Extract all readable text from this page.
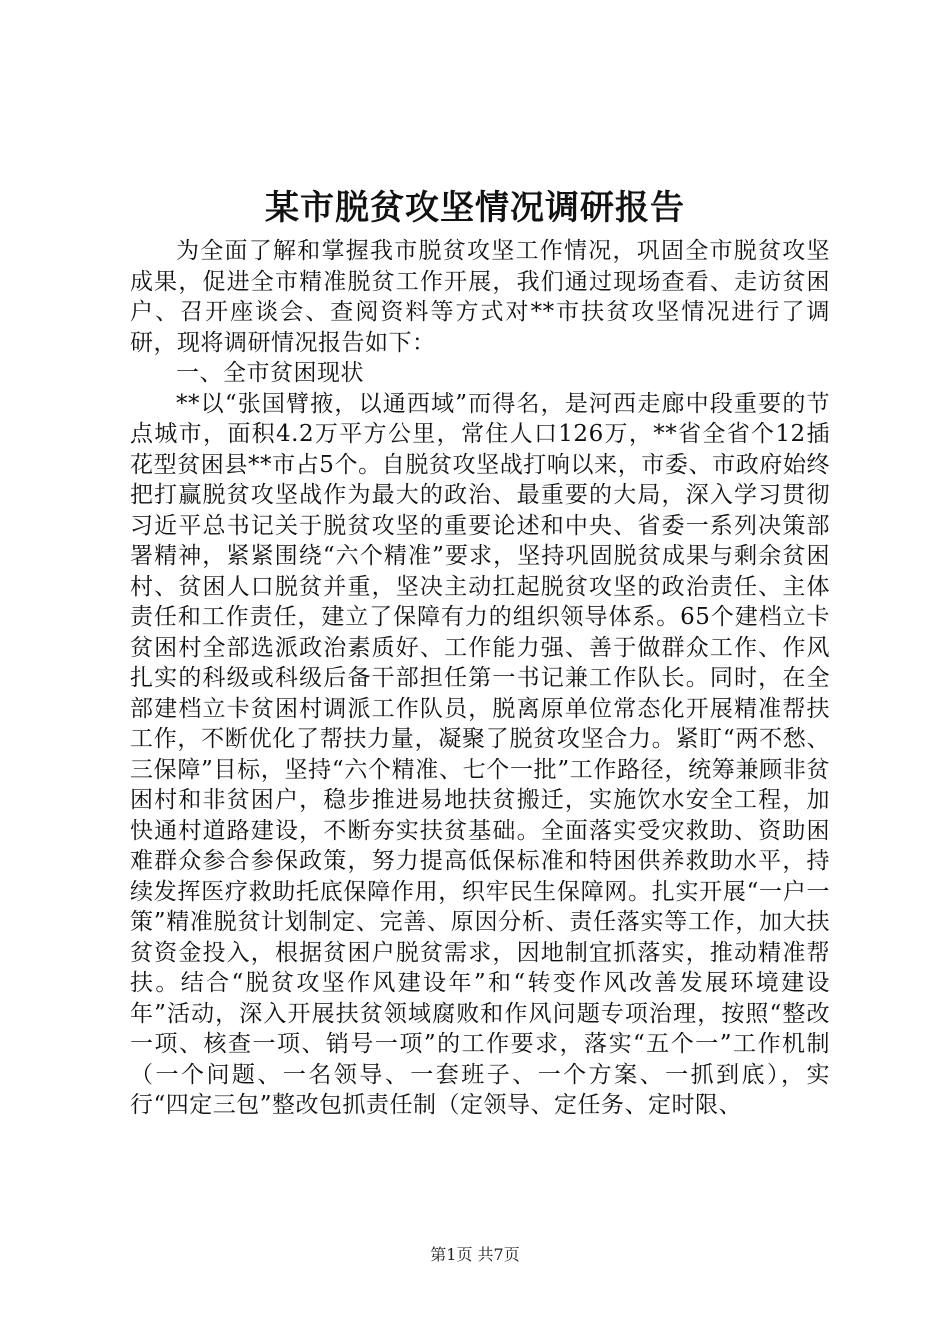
某市脱贫攻坚情况调研报告

为全面了解和掌握我市脱贫攻坚工作情况，巩固全市脱贫攻坚成果，促进全市精准脱贫工作开展，我们通过现场查看、走访贫困户、召开座谈会、查阅资料等方式对**市扶贫攻坚情况进行了调研，现将调研情况报告如下：

一、全市贫困现状

**以“张国臂掖，以通西域”而得名，是河西走廊中段重要的节点城市，面积4.2万平方公里，常住人口126万，**省全省个12插花型贫困县**市占5个。自脱贫攻坚战打响以来，市委、市政府始终把打赢脱贫攻坚战作为最大的政治、最重要的大局，深入学习贯彻习近平总书记关于脱贫攻坚的重要论述和中央、省委一系列决策部署精神，紧紧围绕“六个精准”要求，坚持巩固脱贫成果与剩余贫困村、贫困人口脱贫并重，坚决主动扛起脱贫攻坚的政治责任、主体责任和工作责任，建立了保障有力的组织领导体系。65个建档立卡贫困村全部选派政治素质好、工作能力强、善于做群众工作、作风扎实的科级或科级后备干部担任第一书记兼工作队长。同时，在全部建档立卡贫困村调派工作队员，脱离原单位常态化开展精准帮扶工作，不断优化了帮扶力量，凝聚了脱贫攻坚合力。紧盯“两不愁、三保障”目标，坚持“六个精准、七个一批”工作路径，统筹兼顾非贫困村和非贫困户，稳步推进易地扶贫搬迁，实施饮水安全工程，加快通村道路建设，不断夯实扶贫基础。全面落实受灾救助、资助困难群众参合参保政策，努力提高低保标准和特困供养救助水平，持续发挥医疗救助托底保障作用，织牢民生保障网。扎实开展“一户一策”精准脱贫计划制定、完善、原因分析、责任落实等工作，加大扶贫资金投入，根据贫困户脱贫需求，因地制宜抓落实，推动精准帮扶。结合“脱贫攻坚作风建设年”和“转变作风改善发展环境建设年”活动，深入开展扶贫领域腐败和作风问题专项治理，按照“整改一项、核查一项、销号一项”的工作要求，落实“五个一”工作机制（一个问题、一名领导、一套班子、一个方案、一抓到底），实行“四定三包”整改包抓责任制（定领导、定任务、定时限、

第1页 共7页
